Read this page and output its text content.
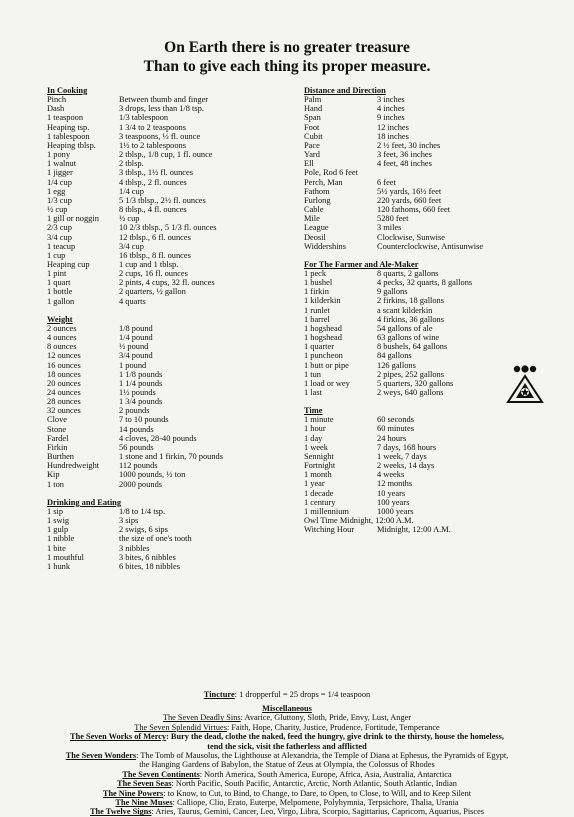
On Earth there is no greater treasure
Than to give each thing its proper measure.
In Cooking
Pinch	Between thumb and finger
Dash	3 drops, less than 1/8 tsp.
1 teaspoon	1/3 tablespoon
Heaping tsp.	1 3/4 to 2 teaspoons
1 tablespoon	3 teaspoons, ½ fl. ounce
Heaping tblsp.	1½ to 2 tablespoons
1 pony	2 tblsp., 1/8 cup, 1 fl. ounce
1 walnut	2 tblsp.
1 jigger	3 tblsp., 1½ fl. ounces
1/4 cup	4 tblsp., 2 fl. ounces
1 egg	1/4 cup
1/3 cup	5 1/3 tblsp., 2½ fl. ounces
½ cup	8 tblsp., 4 fl. ounces
1 gill or noggin	½ cup
2/3 cup	10 2/3 tblsp., 5 1/3 fl. ounces
3/4 cup	12 tblsp., 6 fl. ounces
1 teacup	3/4 cup
1 cup	16 tblsp., 8 fl. ounces
Heaping cup	1 cup and 1 tblsp.
1 pint	2 cups, 16 fl. ounces
1 quart	2 pints, 4 cups, 32 fl. ounces
1 bottle	2 quarters, ½ gallon
1 gallon	4 quarts
Weight
2 ounces	1/8 pound
4 ounces	1/4 pound
8 ounces	½ pound
12 ounces	3/4 pound
16 ounces	1 pound
18 ounces	1 1/8 pounds
20 ounces	1 1/4 pounds
24 ounces	1½ pounds
28 ounces	1 3/4 pounds
32 ounces	2 pounds
Clove	7 to 10 pounds
Stone	14 pounds
Fardel	4 cloves, 28-40 pounds
Firkin	56 pounds
Burthen	1 stone and 1 firkin, 70 pounds
Hundredweight	112 pounds
Kip	1000 pounds, ½ ton
1 ton	2000 pounds
Drinking and Eating
1 sip	1/8 to 1/4 tsp.
1 swig	3 sips
1 gulp	2 swigs, 6 sips
1 nibble	the size of one's tooth
1 bite	3 nibbles
1 mouthful	3 bites, 6 nibbles
1 hunk	6 bites, 18 nibbles
Distance and Direction
Palm	3 inches
Hand	4 inches
Span	9 inches
Foot	12 inches
Cubit	18 inches
Pace	2 ½ feet, 30 inches
Yard	3 feet, 36 inches
Ell	4 feet, 48 inches
Pole, Rod 6 feet
Perch, Man	6 feet
Fathom	5½ yards, 16½ feet
Furlong	220 yards, 660 feet
Cable	120 fathoms, 660 feet
Mile	5280 feet
League	3 miles
Deosil	Clockwise, Sunwise
Widdershins	Counterclockwise, Antisunwise
For The Farmer and Ale-Maker
1 peck	8 quarts, 2 gallons
1 bushel	4 pecks, 32 quarts, 8 gallons
1 firkin	9 gallons
1 kilderkin	2 firkins, 18 gallons
1 runlet	a scant kilderkin
1 barrel	4 firkins, 36 gallons
1 hogshead	54 gallons of ale
1 hogshead	63 gallons of wine
1 quarter	8 bushels, 64 gallons
1 puncheon	84 gallons
1 butt or pipe	126 gallons
1 tun	2 pipes, 252 gallons
1 load or wey	5 quarters, 320 gallons
1 last	2 weys, 640 gallons
Time
1 minute	60 seconds
1 hour	60 minutes
1 day	24 hours
1 week	7 days, 168 hours
Sennight	1 week, 7 days
Fortnight	2 weeks, 14 days
1 month	4 weeks
1 year	12 months
1 decade	10 years
1 century	100 years
1 millennium	1000 years
Owl Time Midnight, 12:00 A.M.
Witching Hour	Midnight, 12:00 A.M.
Tincture: 1 dropperful = 25 drops = 1/4 teaspoon
Miscellaneous
The Seven Deadly Sins: Avarice, Gluttony, Sloth, Pride, Envy, Lust, Anger
The Seven Splendid Virtues: Faith, Hope, Charity, Justice, Prudence, Fortitude, Temperance
The Seven Works of Mercy: Bury the dead, clothe the naked, feed the hungry, give drink to the thirsty, house the homeless,
tend the sick, visit the fatherless and afflicted
The Seven Wonders: The Tomb of Mausolus, the Lighthouse at Alexandria, the Temple of Diana at Ephesus, the Pyramids of Egypt,
the Hanging Gardens of Babylon, the Statue of Zeus at Olympia, the Colossus of Rhodes
The Seven Continents: North America, South America, Europe, Africa, Asia, Australia, Antarctica
The Seven Seas: North Pacific, South Pacific, Antarctic, Arctic, North Atlantic, South Atlantic, Indian
The Nine Powers: to Know, to Cut, to Bind, to Change, to Dare, to Open, to Close, to Will, and to Keep Silent
The Nine Muses: Calliope, Clio, Erato, Euterpe, Melpomene, Polyhymnia, Terpsichore, Thalia, Urania
The Twelve Signs: Aries, Taurus, Gemini, Cancer, Leo, Virgo, Libra, Scorpio, Sagittarius, Capricorn, Aquarius, Pisces
